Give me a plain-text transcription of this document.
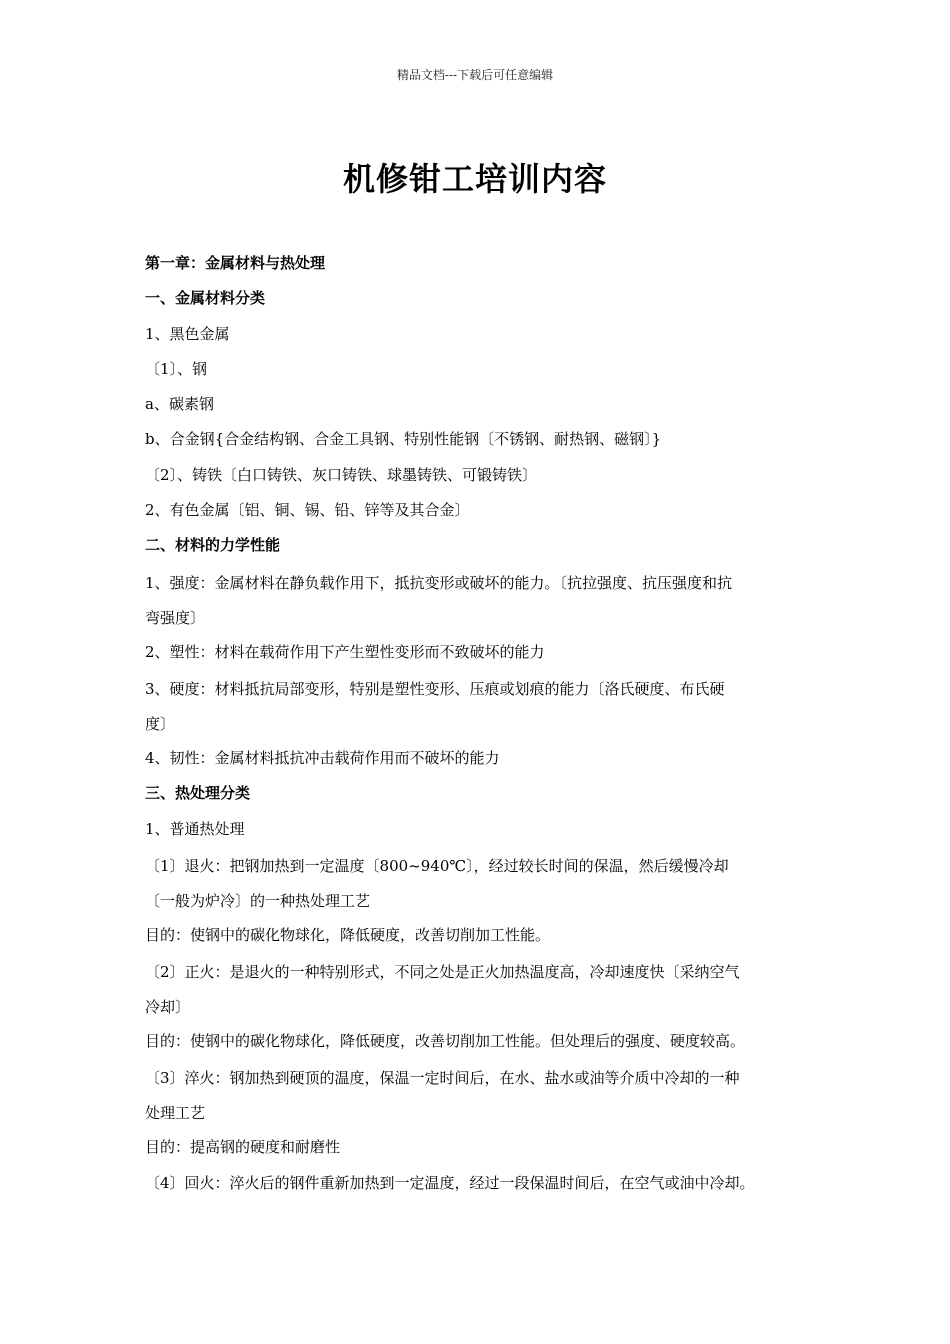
精品文档---下载后可任意编辑
机修钳工培训内容
第一章：金属材料与热处理
一、金属材料分类
1、黑色金属
〔1〕、钢
a、碳素钢
b、合金钢{合金结构钢、合金工具钢、特别性能钢〔不锈钢、耐热钢、磁钢〕}
〔2〕、铸铁〔白口铸铁、灰口铸铁、球墨铸铁、可锻铸铁〕
2、有色金属〔铝、铜、锡、铅、锌等及其合金〕
二、材料的力学性能
1、强度：金属材料在静负载作用下，抵抗变形或破坏的能力。〔抗拉强度、抗压强度和抗
弯强度〕
2、塑性：材料在载荷作用下产生塑性变形而不致破坏的能力
3、硬度：材料抵抗局部变形，特别是塑性变形、压痕或划痕的能力〔洛氏硬度、布氏硬
度〕
4、韧性：金属材料抵抗冲击载荷作用而不破坏的能力
三、热处理分类
1、普通热处理
〔1〕退火：把钢加热到一定温度〔800~940℃〕，经过较长时间的保温，然后缓慢冷却
〔一般为炉冷〕的一种热处理工艺
目的：使钢中的碳化物球化，降低硬度，改善切削加工性能。
〔2〕正火：是退火的一种特别形式，不同之处是正火加热温度高，冷却速度快〔采纳空气
冷却〕
目的：使钢中的碳化物球化，降低硬度，改善切削加工性能。但处理后的强度、硬度较高。
〔3〕淬火：钢加热到硬顶的温度，保温一定时间后，在水、盐水或油等介质中冷却的一种
处理工艺
目的：提高钢的硬度和耐磨性
〔4〕回火：淬火后的钢件重新加热到一定温度，经过一段保温时间后，在空气或油中冷却。
